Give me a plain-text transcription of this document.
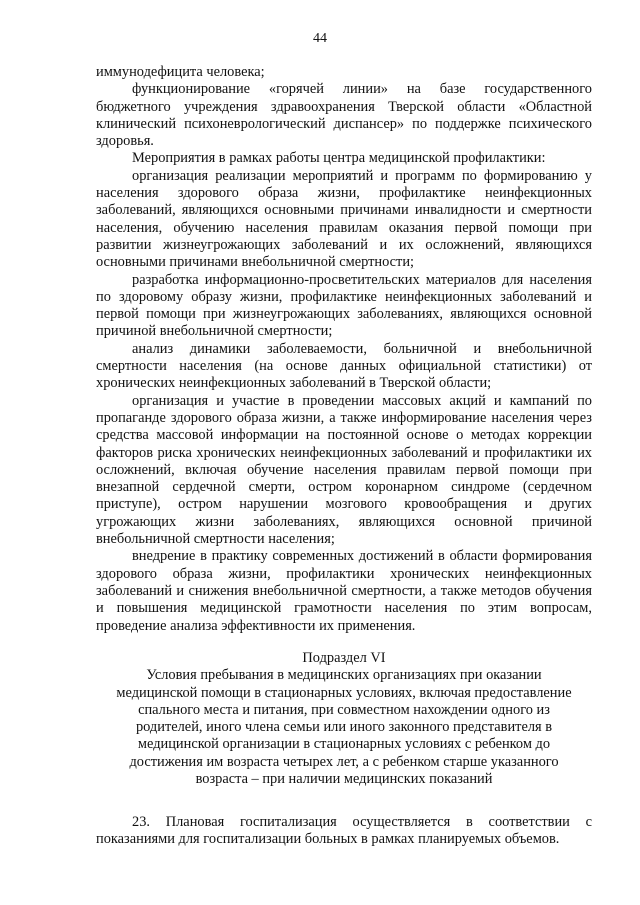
44

иммунодефицита человека;

функционирование «горячей линии» на базе государственного бюджетного учреждения здравоохранения Тверской области «Областной клинический психоневрологический диспансер» по поддержке психического здоровья.

Мероприятия в рамках работы центра медицинской профилактики:

организация реализации мероприятий и программ по формированию у населения здорового образа жизни, профилактике неинфекционных заболеваний, являющихся основными причинами инвалидности и смертности населения, обучению населения правилам оказания первой помощи при развитии жизнеугрожающих заболеваний и их осложнений, являющихся основными причинами внебольничной смертности;

разработка информационно-просветительских материалов для населения по здоровому образу жизни, профилактике неинфекционных заболеваний и первой помощи при жизнеугрожающих заболеваниях, являющихся основной причиной внебольничной смертности;

анализ динамики заболеваемости, больничной и внебольничной смертности населения (на основе данных официальной статистики) от хронических неинфекционных заболеваний в Тверской области;

организация и участие в проведении массовых акций и кампаний по пропаганде здорового образа жизни, а также информирование населения через средства массовой информации на постоянной основе о методах коррекции факторов риска хронических неинфекционных заболеваний и профилактики их осложнений, включая обучение населения правилам первой помощи при внезапной сердечной смерти, остром коронарном синдроме (сердечном приступе), остром нарушении мозгового кровообращения и других угрожающих жизни заболеваниях, являющихся основной причиной внебольничной смертности населения;

внедрение в практику современных достижений в области формирования здорового образа жизни, профилактики хронических неинфекционных заболеваний и снижения внебольничной смертности, а также методов обучения и повышения медицинской грамотности населения по этим вопросам, проведение анализа эффективности их применения.

Подраздел VI

Условия пребывания в медицинских организациях при оказании

медицинской помощи в стационарных условиях, включая предоставление

спального места и питания, при совместном нахождении одного из

родителей, иного члена семьи или иного законного представителя в

медицинской организации в стационарных условиях с ребенком до

достижения им возраста четырех лет, а с ребенком старше указанного

возраста – при наличии медицинских показаний

23. Плановая госпитализация осуществляется в соответствии с показаниями для госпитализации больных в рамках планируемых объемов.
